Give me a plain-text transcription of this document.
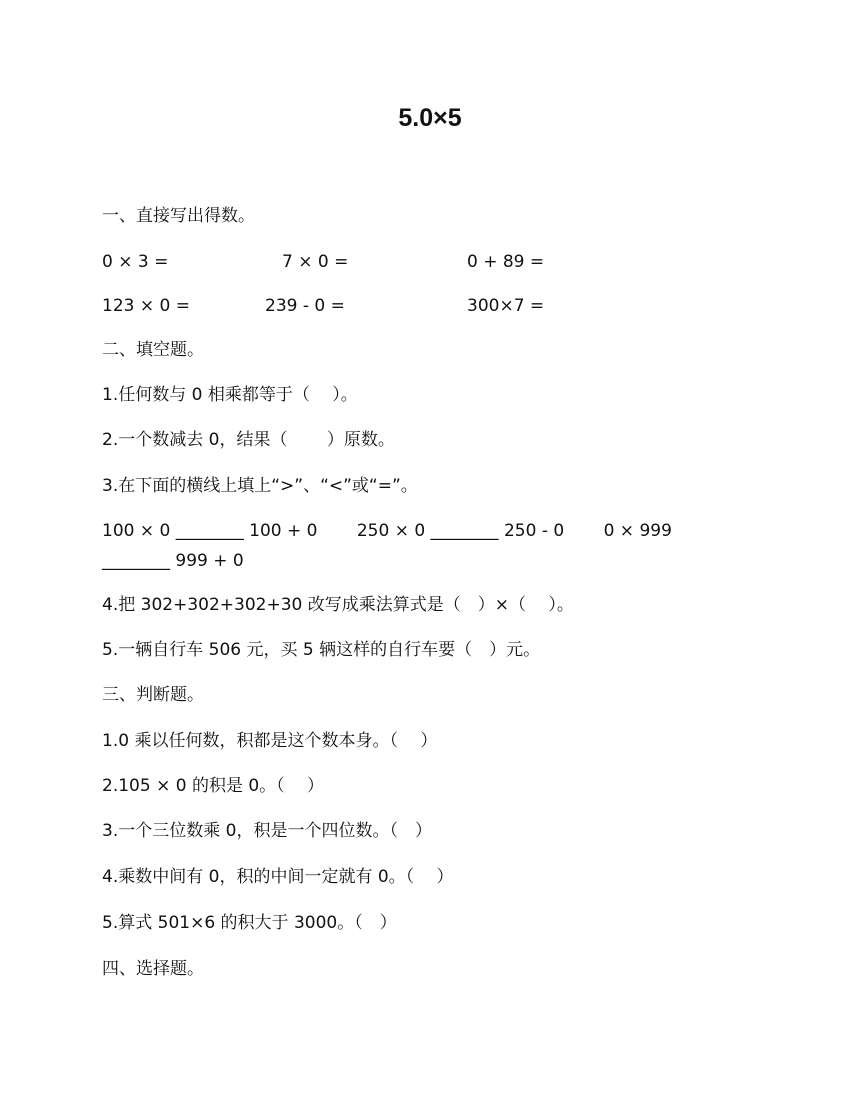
5.0×5
一、直接写出得数。
0 × 3 =	7 × 0 =	0 + 89 =
123 × 0 =	239 - 0 =	300×7 =
二、填空题。
1.任何数与 0 相乘都等于（　 ）。
2.一个数减去 0，结果（　　 ）原数。
3.在下面的横线上填上“>”、“<”或“=”。
100 × 0 ________ 100 + 0　　 250 × 0 ________ 250 - 0　　 0 × 999
________ 999 + 0
4.把 302+302+302+30 改写成乘法算式是（　）×（　 ）。
5.一辆自行车 506 元，买 5 辆这样的自行车要（　）元。
三、判断题。
1.0 乘以任何数，积都是这个数本身。（　 ）
2.105 × 0 的积是 0。（　 ）
3.一个三位数乘 0，积是一个四位数。（　）
4.乘数中间有 0，积的中间一定就有 0。（　 ）
5.算式 501×6 的积大于 3000。（　）
四、选择题。
